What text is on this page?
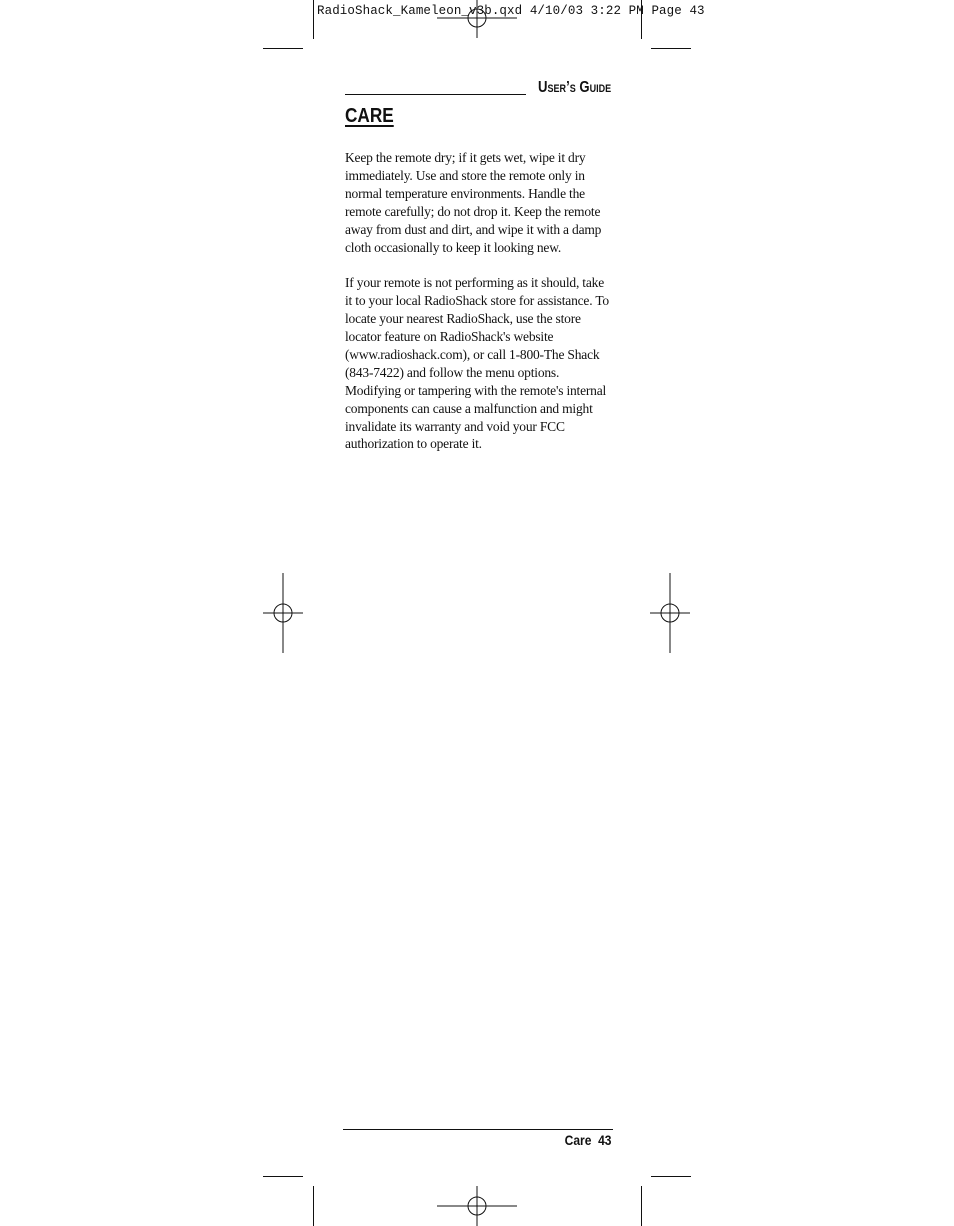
RadioShack_Kameleon_v3b.qxd 4/10/03 3:22 PM Page 43
User’s Guide
CARE

Keep the remote dry; if it gets wet, wipe it dry immediately. Use and store the remote only in normal temperature environments. Handle the remote carefully; do not drop it. Keep the remote away from dust and dirt, and wipe it with a damp cloth occasionally to keep it looking new.

If your remote is not performing as it should, take it to your local RadioShack store for assistance. To locate your nearest RadioShack, use the store locator feature on RadioShack's website (www.radioshack.com), or call 1-800-The Shack (843-7422) and follow the menu options. Modifying or tampering with the remote's internal components can cause a malfunction and might invalidate its warranty and void your FCC authorization to operate it.

Care  43
